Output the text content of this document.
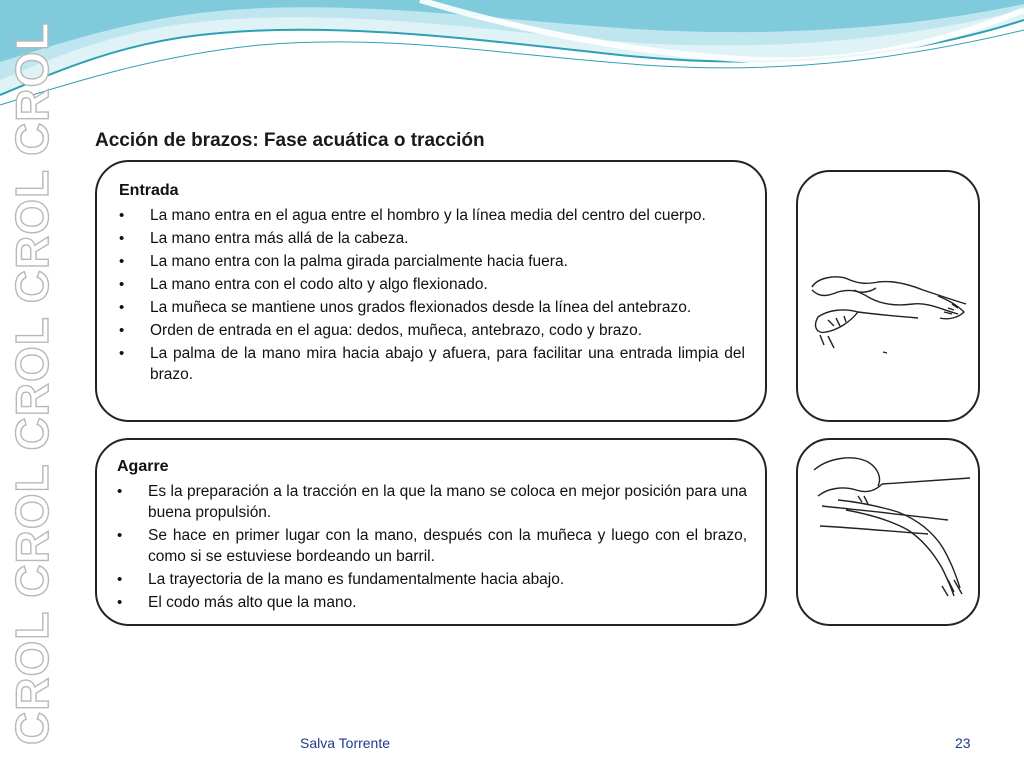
CROL CROL CROL CROL CROL Acción de brazos: Fase acuática o tracción
Entrada
• La mano entra en el agua entre el hombro y la línea media del centro del cuerpo.
• La mano entra más allá de la cabeza.
• La mano entra con la palma girada parcialmente hacia fuera.
• La mano entra con el codo alto y algo flexionado.
• La muñeca se mantiene unos grados flexionados desde la línea del antebrazo.
• Orden de entrada en el agua: dedos, muñeca, antebrazo, codo y brazo.
• La palma de la mano mira hacia abajo y afuera, para facilitar una entrada limpia del brazo.
Agarre
• Es la preparación a la tracción en la que la mano se coloca en mejor posición para una buena propulsión.
• Se hace en primer lugar con la mano, después con la muñeca y luego con el brazo, como si se estuviese bordeando un barril.
• La trayectoria de la mano es fundamentalmente hacia abajo.
• El codo más alto que la mano.
Salva Torrente	23
